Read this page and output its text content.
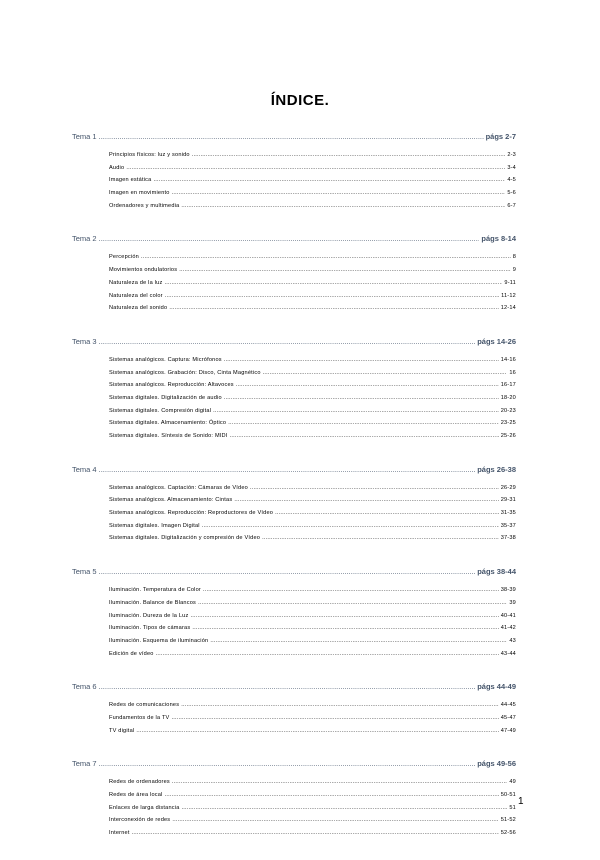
ÍNDICE.
Tema 1 .....	págs 2-7
Principios físicos: luz y sonido .....	2-3
Audio .....	3-4
Imagen estática .....	4-5
Imagen en movimiento .....	5-6
Ordenadores y multimedia .....	6-7
Tema 2 .....	págs 8-14
Percepción .....	8
Movimientos ondulatorios .....	9
Naturaleza de la luz .....	9-11
Naturaleza del color .....	11-12
Naturaleza del sonido .....	12-14
Tema 3 .....	págs 14-26
Sistemas analógicos. Captura: Micrófonos .....	14-16
Sistemas analógicos. Grabación: Disco, Cinta Magnético .....	16
Sistemas analógicos. Reproducción: Altavoces .....	16-17
Sistemas digitales. Digitalización de audio .....	18-20
Sistemas digitales. Compresión digital .....	20-23
Sistemas digitales. Almacenamiento: Óptico .....	23-25
Sistemas digitales. Síntesis de Sonido: MIDI .....	25-26
Tema 4 .....	págs 26-38
Sistemas analógicos. Captación: Cámaras de Vídeo .....	26-29
Sistemas analógicos. Almacenamiento: Cintas .....	29-31
Sistemas analógicos. Reproducción: Reproductores de Vídeo .....	31-35
Sistemas digitales. Imagen Digital .....	35-37
Sistemas digitales. Digitalización y compresión de Vídeo .....	37-38
Tema 5 .....	págs 38-44
Iluminación. Temperatura de Color .....	38-39
Iluminación. Balance de Blancos .....	39
Iluminación. Dureza de la Luz .....	40-41
Iluminación. Tipos de cámaras .....	41-42
Iluminación. Esquema de iluminación .....	43
Edición de vídeo .....	43-44
Tema 6 .....	págs 44-49
Redes de comunicaciones .....	44-45
Fundamentos de la TV .....	45-47
TV digital .....	47-49
Tema 7 .....	págs 49-56
Redes de ordenadores .....	49
Redes de área local .....	50-51
Enlaces de larga distancia .....	51
Interconexión de redes .....	51-52
Internet .....	52-56
1
